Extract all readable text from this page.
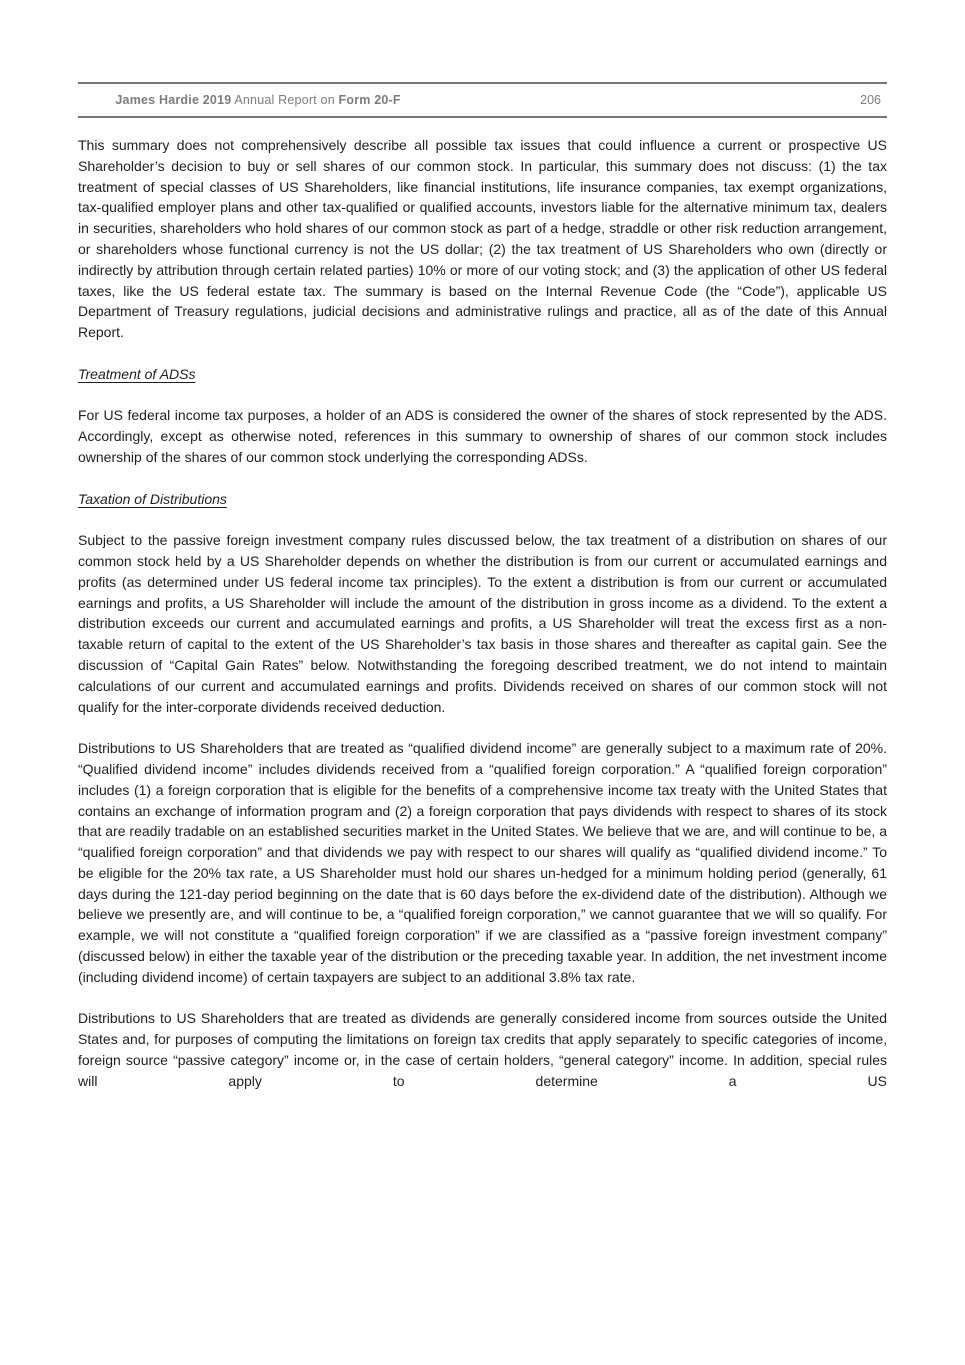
James Hardie 2019 Annual Report on Form 20-F
	206

This summary does not comprehensively describe all possible tax issues that could influence a current or prospective US Shareholder’s decision to buy or sell shares of our common stock. In particular, this summary does not discuss: (1) the tax treatment of special classes of US Shareholders, like financial institutions, life insurance companies, tax exempt organizations, tax-qualified employer plans and other tax-qualified or qualified accounts, investors liable for the alternative minimum tax, dealers in securities, shareholders who hold shares of our common stock as part of a hedge, straddle or other risk reduction arrangement, or shareholders whose functional currency is not the US dollar; (2) the tax treatment of US Shareholders who own (directly or indirectly by attribution through certain related parties) 10% or more of our voting stock; and (3) the application of other US federal taxes, like the US federal estate tax. The summary is based on the Internal Revenue Code (the “Code”), applicable US Department of Treasury regulations, judicial decisions and administrative rulings and practice, all as of the date of this Annual Report.

Treatment of ADSs

For US federal income tax purposes, a holder of an ADS is considered the owner of the shares of stock represented by the ADS. Accordingly, except as otherwise noted, references in this summary to ownership of shares of our common stock includes ownership of the shares of our common stock underlying the corresponding ADSs.

Taxation of Distributions

Subject to the passive foreign investment company rules discussed below, the tax treatment of a distribution on shares of our common stock held by a US Shareholder depends on whether the distribution is from our current or accumulated earnings and profits (as determined under US federal income tax principles). To the extent a distribution is from our current or accumulated earnings and profits, a US Shareholder will include the amount of the distribution in gross income as a dividend. To the extent a distribution exceeds our current and accumulated earnings and profits, a US Shareholder will treat the excess first as a non-taxable return of capital to the extent of the US Shareholder’s tax basis in those shares and thereafter as capital gain. See the discussion of “Capital Gain Rates” below. Notwithstanding the foregoing described treatment, we do not intend to maintain calculations of our current and accumulated earnings and profits. Dividends received on shares of our common stock will not qualify for the inter-corporate dividends received deduction.

Distributions to US Shareholders that are treated as “qualified dividend income” are generally subject to a maximum rate of 20%. “Qualified dividend income” includes dividends received from a “qualified foreign corporation.” A “qualified foreign corporation” includes (1) a foreign corporation that is eligible for the benefits of a comprehensive income tax treaty with the United States that contains an exchange of information program and (2) a foreign corporation that pays dividends with respect to shares of its stock that are readily tradable on an established securities market in the United States. We believe that we are, and will continue to be, a “qualified foreign corporation” and that dividends we pay with respect to our shares will qualify as “qualified dividend income.” To be eligible for the 20% tax rate, a US Shareholder must hold our shares un-hedged for a minimum holding period (generally, 61 days during the 121-day period beginning on the date that is 60 days before the ex-dividend date of the distribution). Although we believe we presently are, and will continue to be, a “qualified foreign corporation,” we cannot guarantee that we will so qualify. For example, we will not constitute a “qualified foreign corporation” if we are classified as a “passive foreign investment company” (discussed below) in either the taxable year of the distribution or the preceding taxable year. In addition, the net investment income (including dividend income) of certain taxpayers are subject to an additional 3.8% tax rate.

Distributions to US Shareholders that are treated as dividends are generally considered income from sources outside the United States and, for purposes of computing the limitations on foreign tax credits that apply separately to specific categories of income, foreign source “passive category” income or, in the case of certain holders, “general category” income. In addition, special rules will apply to determine a US
